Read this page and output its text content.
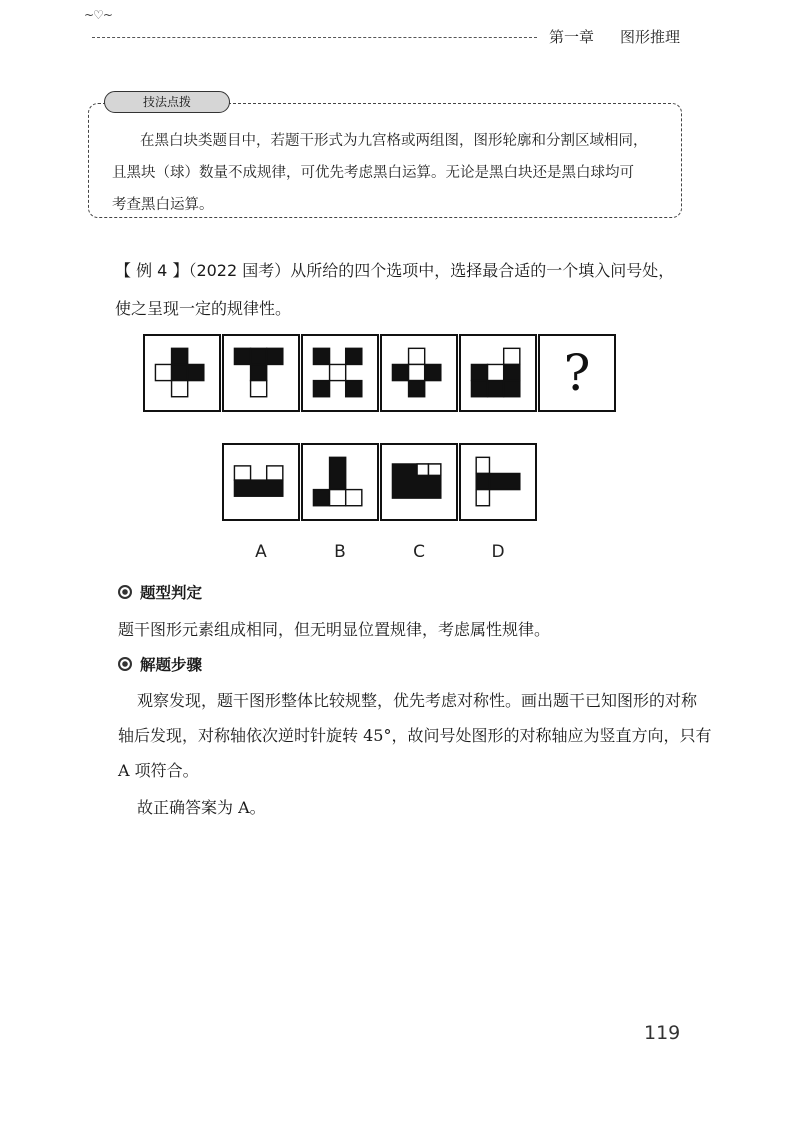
~♡~
第一章 图形推理
技法点拨
在黑白块类题目中，若题干形式为九宫格或两组图，图形轮廓和分割区域相同，
且黑块（球）数量不成规律，可优先考虑黑白运算。无论是黑白块还是黑白球均可
考查黑白运算。
【 例 4 】（2022 国考）从所给的四个选项中，选择最合适的一个填入问号处，
使之呈现一定的规律性。
?
A	B	C	D
题型判定
题干图形元素组成相同，但无明显位置规律，考虑属性规律。
解题步骤
观察发现，题干图形整体比较规整，优先考虑对称性。画出题干已知图形的对称
轴后发现，对称轴依次逆时针旋转 45°，故问号处图形的对称轴应为竖直方向，只有
A 项符合。
故正确答案为 A。
119
